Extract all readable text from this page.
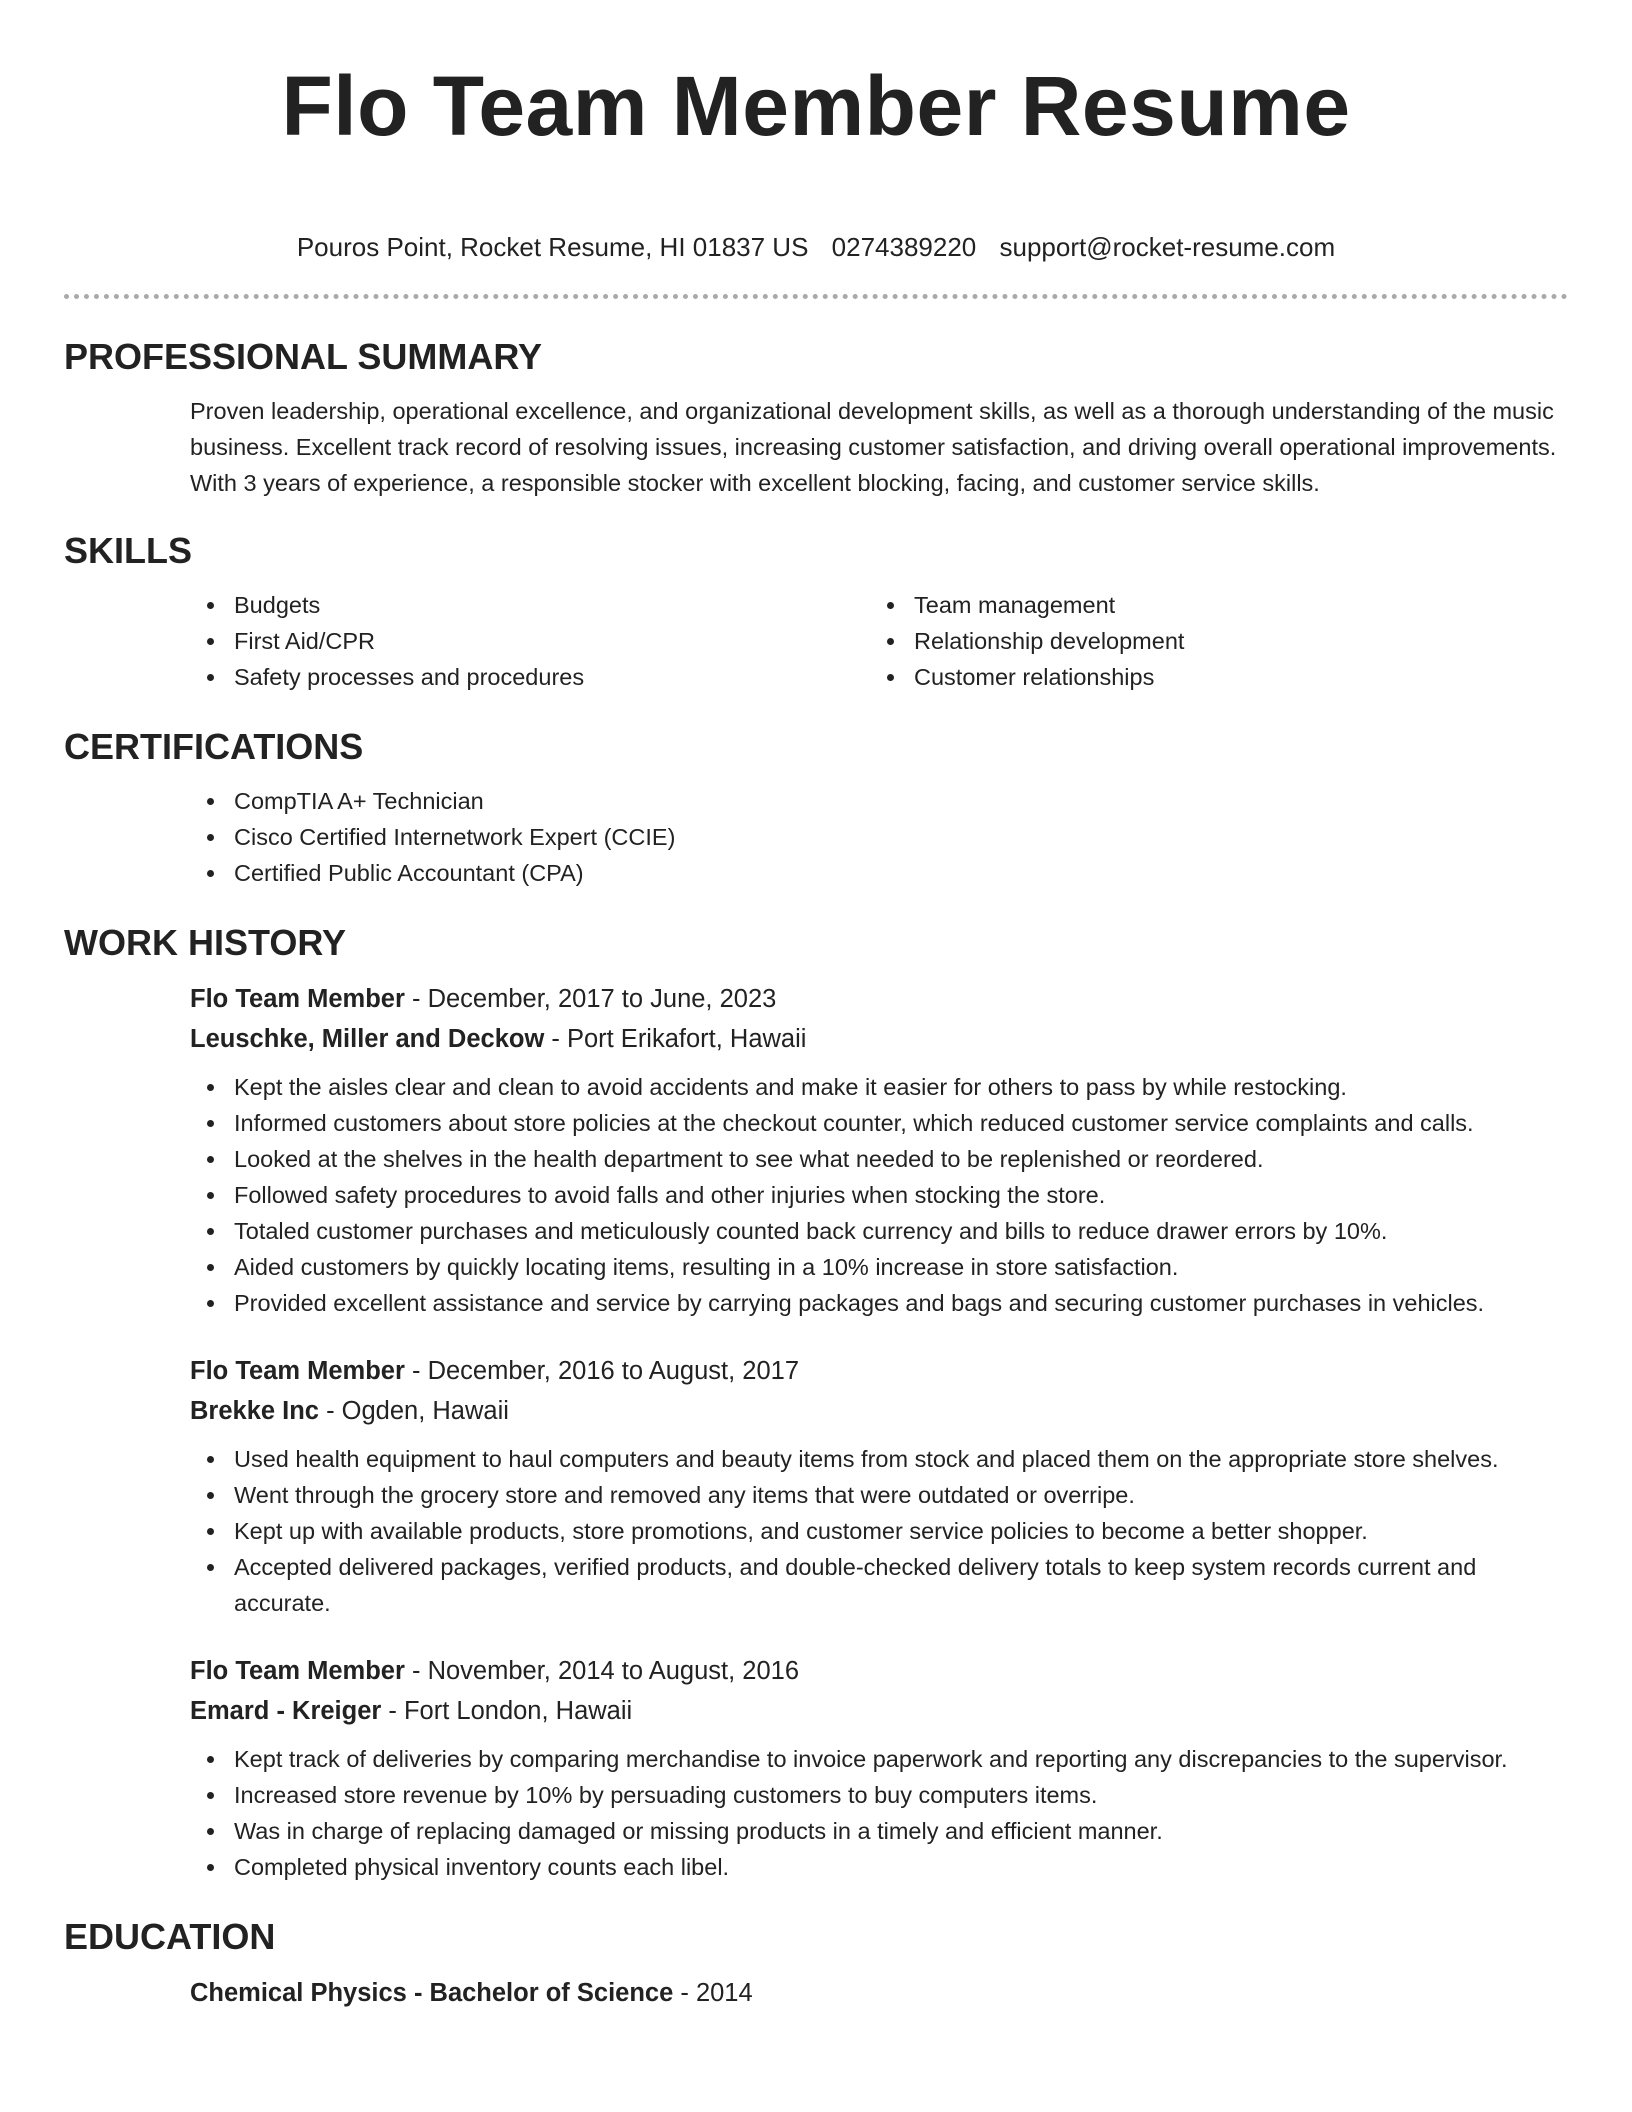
Flo Team Member Resume
Pouros Point, Rocket Resume, HI 01837 US 0274389220 support@rocket-resume.com
PROFESSIONAL SUMMARY

Proven leadership, operational excellence, and organizational development skills, as well as a thorough understanding of the music business. Excellent track record of resolving issues, increasing customer satisfaction, and driving overall operational improvements. With 3 years of experience, a responsible stocker with excellent blocking, facing, and customer service skills.

SKILLS
Budgets
First Aid/CPR
Safety processes and procedures
Team management
Relationship development
Customer relationships
CERTIFICATIONS
CompTIA A+ Technician
Cisco Certified Internetwork Expert (CCIE)
Certified Public Accountant (CPA)
WORK HISTORY
Flo Team Member - December, 2017 to June, 2023
Leuschke, Miller and Deckow - Port Erikafort, Hawaii
Kept the aisles clear and clean to avoid accidents and make it easier for others to pass by while restocking.
Informed customers about store policies at the checkout counter, which reduced customer service complaints and calls.
Looked at the shelves in the health department to see what needed to be replenished or reordered.
Followed safety procedures to avoid falls and other injuries when stocking the store.
Totaled customer purchases and meticulously counted back currency and bills to reduce drawer errors by 10%.
Aided customers by quickly locating items, resulting in a 10% increase in store satisfaction.
Provided excellent assistance and service by carrying packages and bags and securing customer purchases in vehicles.
Flo Team Member - December, 2016 to August, 2017
Brekke Inc - Ogden, Hawaii
Used health equipment to haul computers and beauty items from stock and placed them on the appropriate store shelves.
Went through the grocery store and removed any items that were outdated or overripe.
Kept up with available products, store promotions, and customer service policies to become a better shopper.
Accepted delivered packages, verified products, and double-checked delivery totals to keep system records current and accurate.
Flo Team Member - November, 2014 to August, 2016
Emard - Kreiger - Fort London, Hawaii
Kept track of deliveries by comparing merchandise to invoice paperwork and reporting any discrepancies to the supervisor.
Increased store revenue by 10% by persuading customers to buy computers items.
Was in charge of replacing damaged or missing products in a timely and efficient manner.
Completed physical inventory counts each libel.
EDUCATION
Chemical Physics - Bachelor of Science - 2014
